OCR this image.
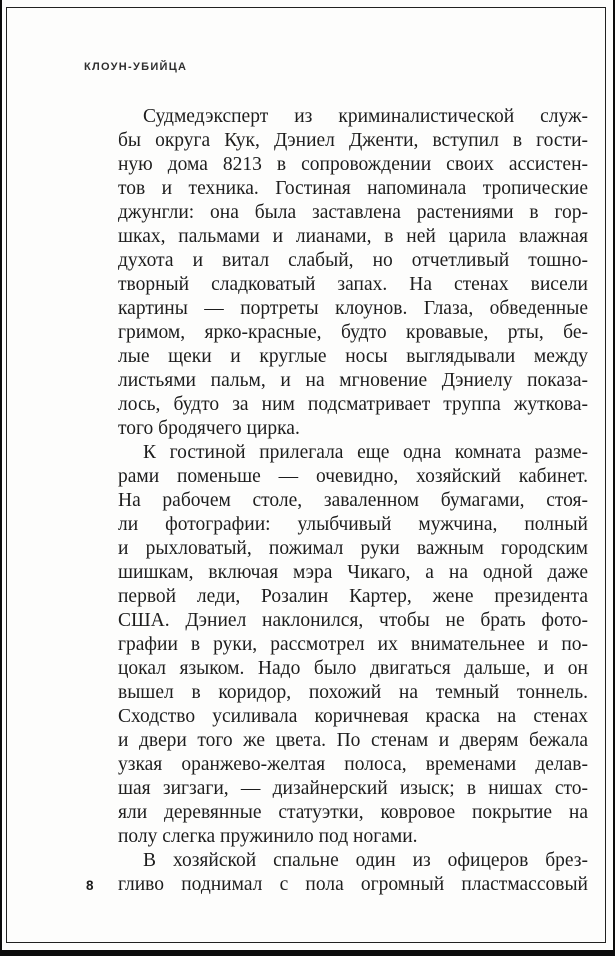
КЛОУН-УБИЙЦА
Судмедэксперт из криминалистической служ-
бы округа Кук, Дэниел Дженти, вступил в гости-
ную дома 8213 в сопровождении своих ассистен-
тов и техника. Гостиная напоминала тропические
джунгли: она была заставлена растениями в гор-
шках, пальмами и лианами, в ней царила влажная
духота и витал слабый, но отчетливый тошно-
творный сладковатый запах. На стенах висели
картины — портреты клоунов. Глаза, обведенные
гримом, ярко-красные, будто кровавые, рты, бе-
лые щеки и круглые носы выглядывали между
листьями пальм, и на мгновение Дэниелу показа-
лось, будто за ним подсматривает труппа жуткова-
того бродячего цирка.
К гостиной прилегала еще одна комната разме-
рами поменьше — очевидно, хозяйский кабинет.
На рабочем столе, заваленном бумагами, стоя-
ли фотографии: улыбчивый мужчина, полный
и рыхловатый, пожимал руки важным городским
шишкам, включая мэра Чикаго, а на одной даже
первой леди, Розалин Картер, жене президента
США. Дэниел наклонился, чтобы не брать фото-
графии в руки, рассмотрел их внимательнее и по-
цокал языком. Надо было двигаться дальше, и он
вышел в коридор, похожий на темный тоннель.
Сходство усиливала коричневая краска на стенах
и двери того же цвета. По стенам и дверям бежала
узкая оранжево-желтая полоса, временами делав-
шая зигзаги, — дизайнерский изыск; в нишах сто-
яли деревянные статуэтки, ковровое покрытие на
полу слегка пружинило под ногами.
В хозяйской спальне один из офицеров брез-
гливо поднимал с пола огромный пластмассовый
8
